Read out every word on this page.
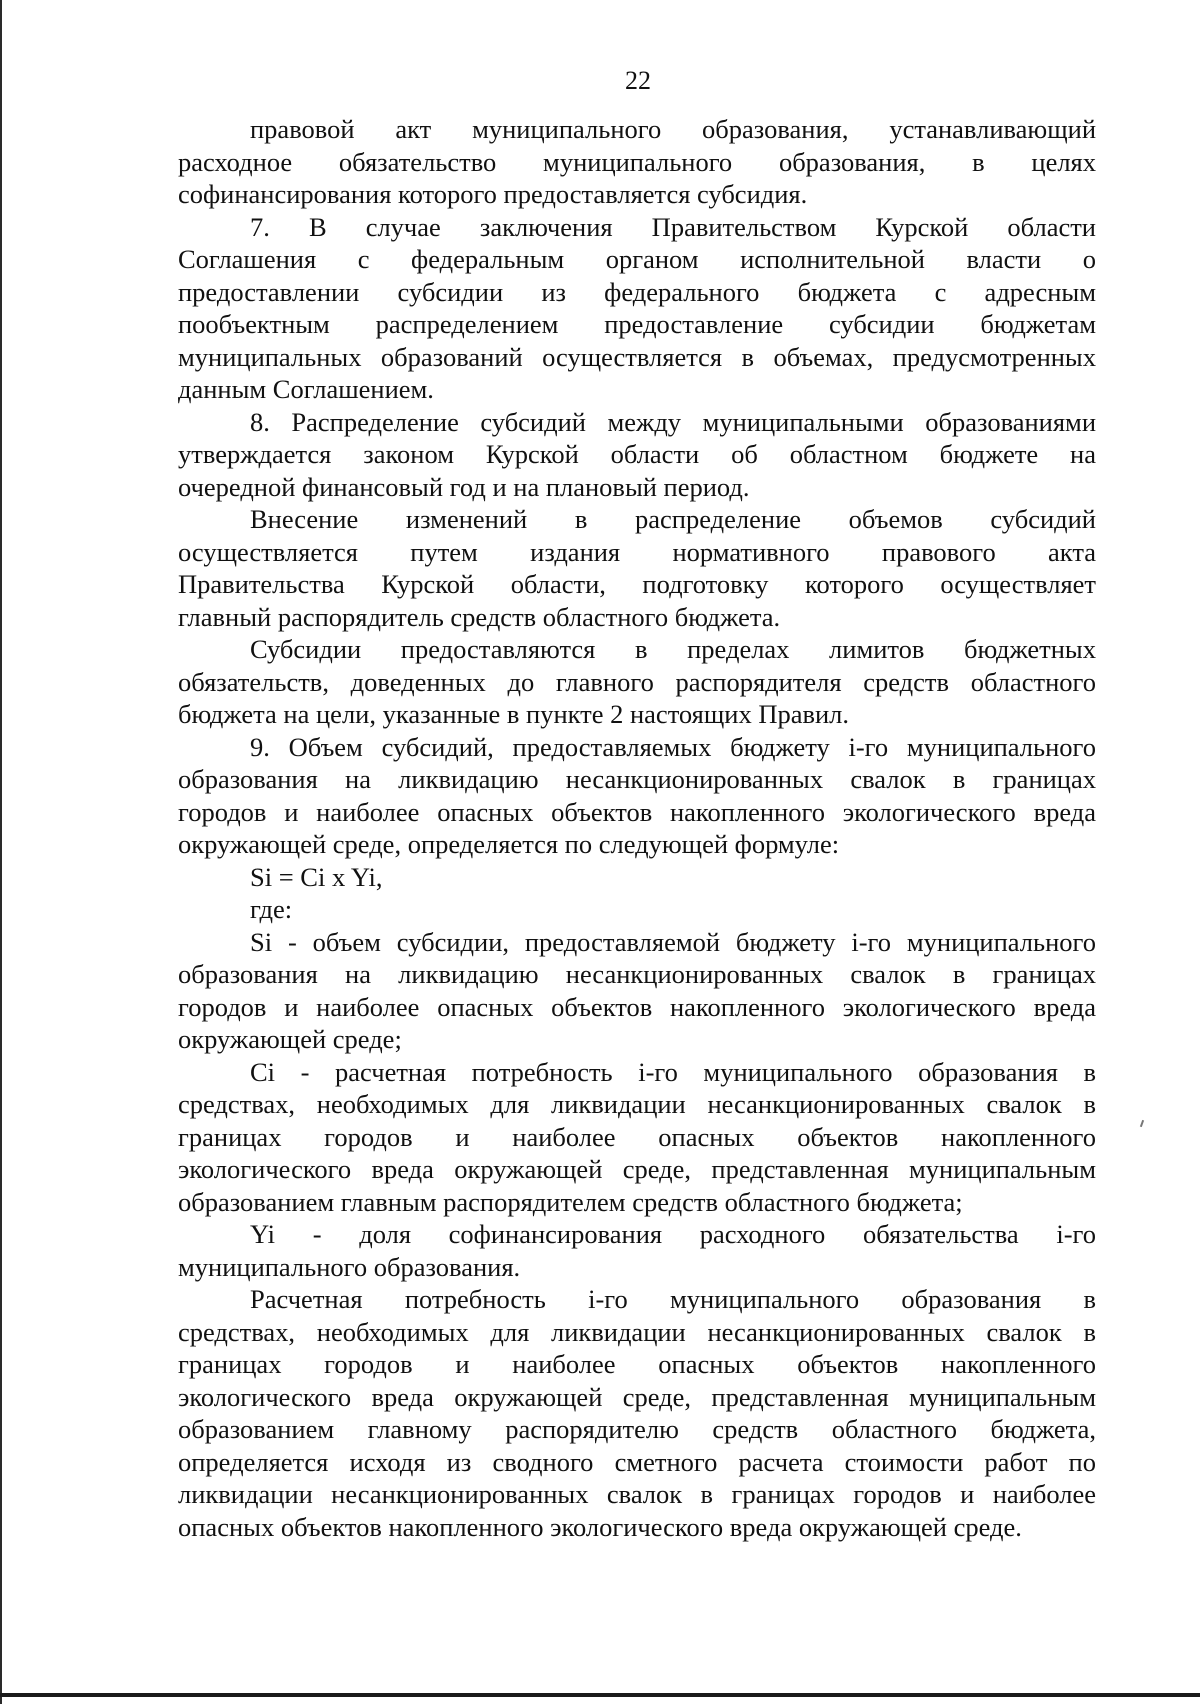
22
правовой акт муниципального образования, устанавливающий
расходное обязательство муниципального образования, в целях
софинансирования которого предоставляется субсидия.
7. В случае заключения Правительством Курской области
Соглашения с федеральным органом исполнительной власти о
предоставлении субсидии из федерального бюджета с адресным
пообъектным распределением предоставление субсидии бюджетам
муниципальных образований осуществляется в объемах, предусмотренных
данным Соглашением.
8. Распределение субсидий между муниципальными образованиями
утверждается законом Курской области об областном бюджете на
очередной финансовый год и на плановый период.
Внесение изменений в распределение объемов субсидий
осуществляется путем издания нормативного правового акта
Правительства Курской области, подготовку которого осуществляет
главный распорядитель средств областного бюджета.
Субсидии предоставляются в пределах лимитов бюджетных
обязательств, доведенных до главного распорядителя средств областного
бюджета на цели, указанные в пункте 2 настоящих Правил.
9. Объем субсидий, предоставляемых бюджету i-го муниципального
образования на ликвидацию несанкционированных свалок в границах
городов и наиболее опасных объектов накопленного экологического вреда
окружающей среде, определяется по следующей формуле:
Si = Ci x Yi,
где:
Si - объем субсидии, предоставляемой бюджету i-го муниципального
образования на ликвидацию несанкционированных свалок в границах
городов и наиболее опасных объектов накопленного экологического вреда
окружающей среде;
Ci - расчетная потребность i-го муниципального образования в
средствах, необходимых для ликвидации несанкционированных свалок в
границах городов и наиболее опасных объектов накопленного
экологического вреда окружающей среде, представленная муниципальным
образованием главным распорядителем средств областного бюджета;
Yi - доля софинансирования расходного обязательства i-го
муниципального образования.
Расчетная потребность i-го муниципального образования в
средствах, необходимых для ликвидации несанкционированных свалок в
границах городов и наиболее опасных объектов накопленного
экологического вреда окружающей среде, представленная муниципальным
образованием главному распорядителю средств областного бюджета,
определяется исходя из сводного сметного расчета стоимости работ по
ликвидации несанкционированных свалок в границах городов и наиболее
опасных объектов накопленного экологического вреда окружающей среде.
